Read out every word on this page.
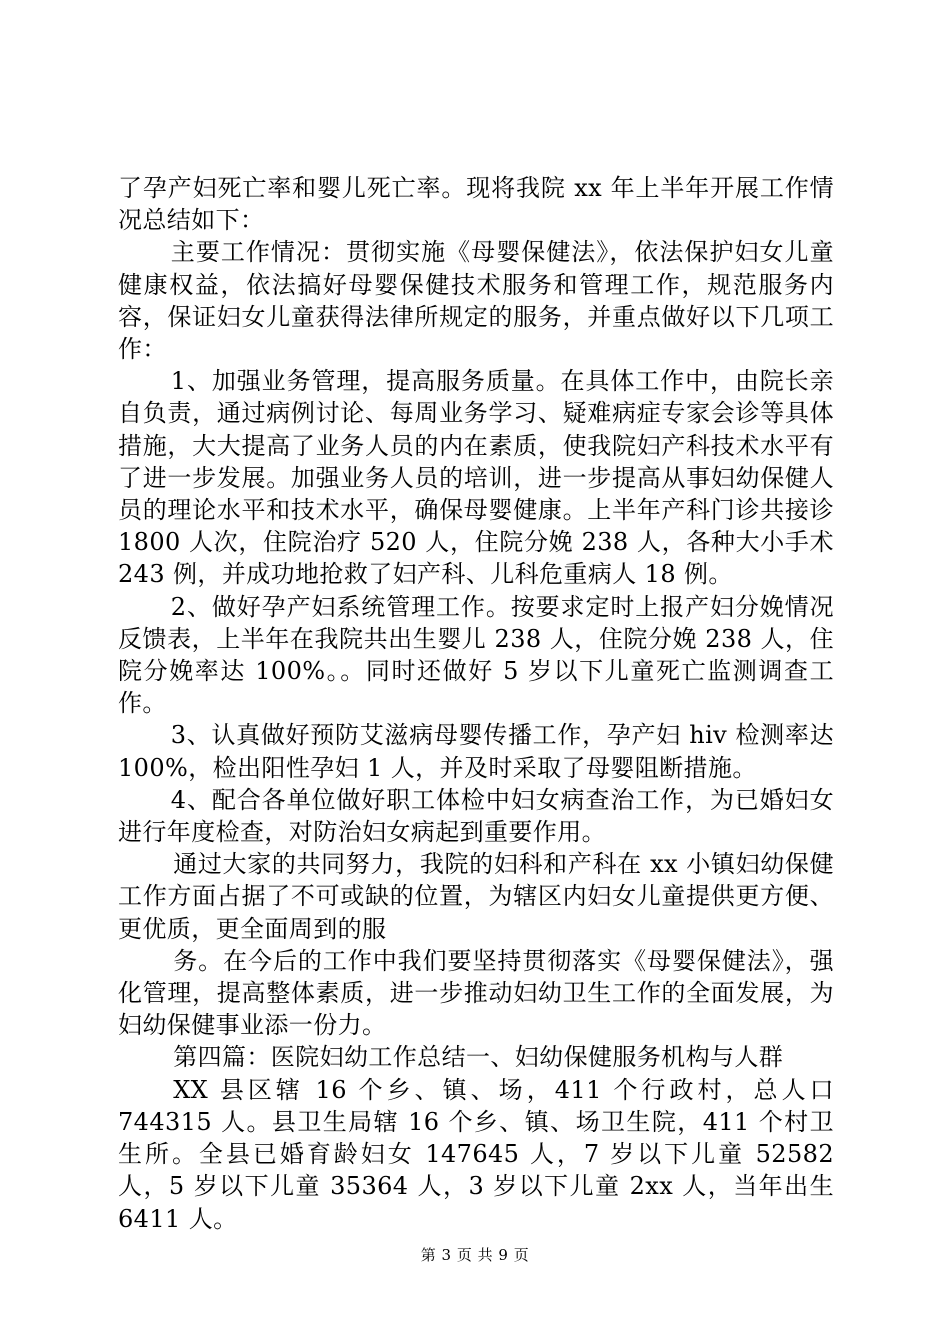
了孕产妇死亡率和婴儿死亡率。现将我院 xx 年上半年开展工作情况总结如下：

主要工作情况：贯彻实施《母婴保健法》，依法保护妇女儿童健康权益，依法搞好母婴保健技术服务和管理工作，规范服务内容，保证妇女儿童获得法律所规定的服务，并重点做好以下几项工作：

1、加强业务管理，提高服务质量。在具体工作中，由院长亲自负责，通过病例讨论、每周业务学习、疑难病症专家会诊等具体措施，大大提高了业务人员的内在素质，使我院妇产科技术水平有了进一步发展。加强业务人员的培训，进一步提高从事妇幼保健人员的理论水平和技术水平，确保母婴健康。上半年产科门诊共接诊 1800 人次，住院治疗 520 人，住院分娩 238 人，各种大小手术 243 例，并成功地抢救了妇产科、儿科危重病人 18 例。

2、做好孕产妇系统管理工作。按要求定时上报产妇分娩情况反馈表，上半年在我院共出生婴儿 238 人，住院分娩 238 人，住院分娩率达 100%。。同时还做好 5 岁以下儿童死亡监测调查工作。

3、认真做好预防艾滋病母婴传播工作，孕产妇 hiv 检测率达 100%，检出阳性孕妇 1 人，并及时采取了母婴阻断措施。

4、配合各单位做好职工体检中妇女病查治工作，为已婚妇女进行年度检查，对防治妇女病起到重要作用。

通过大家的共同努力，我院的妇科和产科在 xx 小镇妇幼保健工作方面占据了不可或缺的位置，为辖区内妇女儿童提供更方便、更优质，更全面周到的服

务。在今后的工作中我们要坚持贯彻落实《母婴保健法》，强化管理，提高整体素质，进一步推动妇幼卫生工作的全面发展，为妇幼保健事业添一份力。

第四篇：医院妇幼工作总结一、妇幼保健服务机构与人群

XX 县区辖 16 个乡、镇、场，411 个行政村，总人口 744315 人。县卫生局辖 16 个乡、镇、场卫生院，411 个村卫生所。全县已婚育龄妇女 147645 人，7 岁以下儿童 52582 人，5 岁以下儿童 35364 人，3 岁以下儿童 2xx 人，当年出生 6411 人。

第 3 页 共 9 页
